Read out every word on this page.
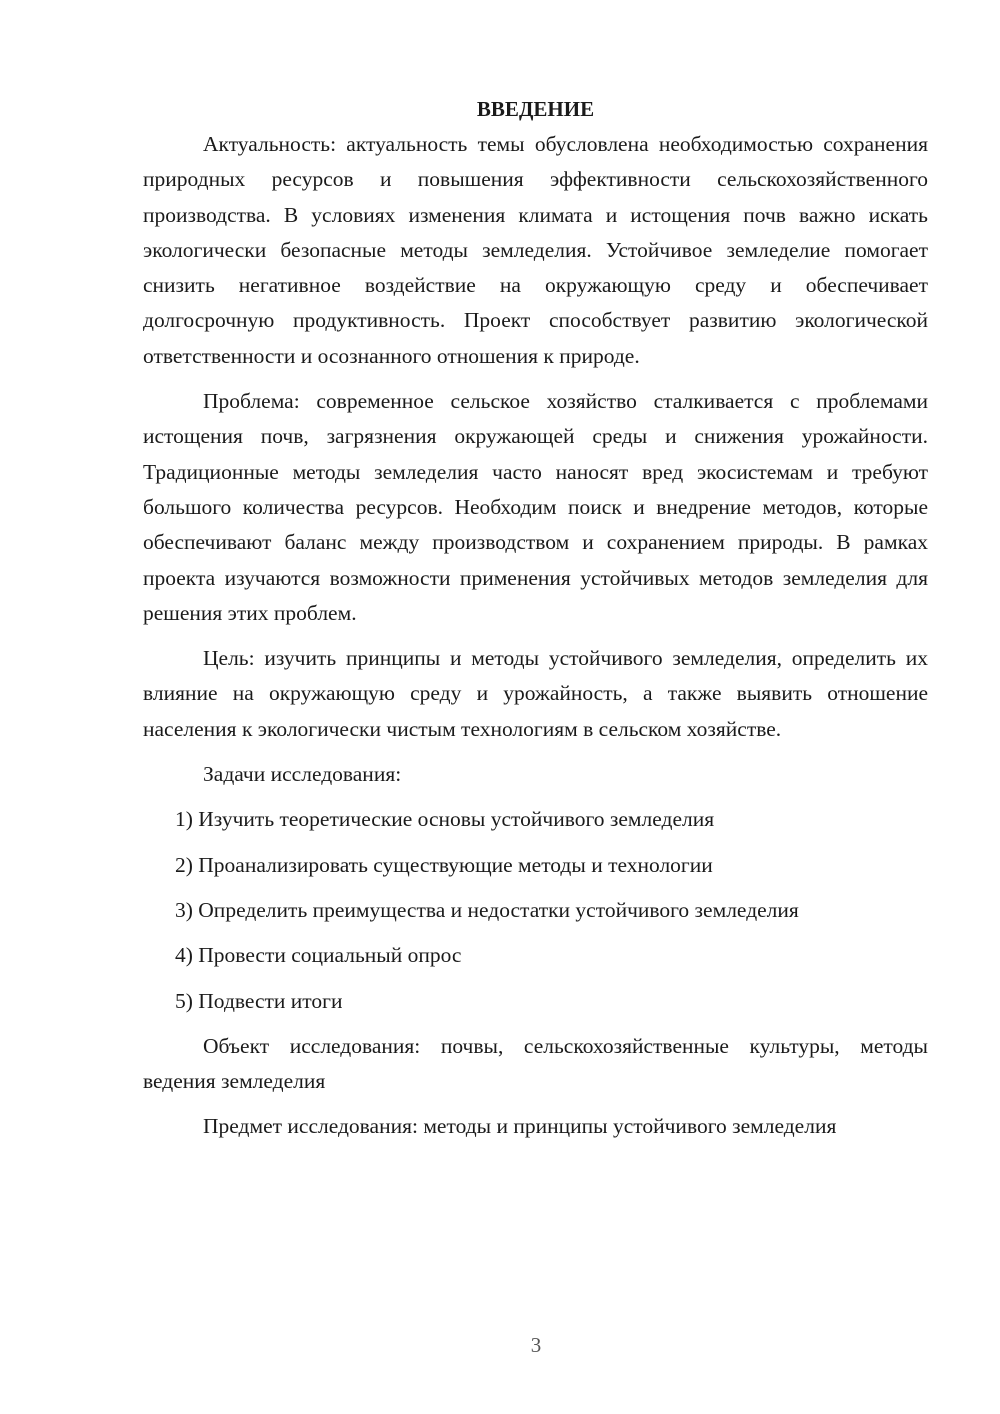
ВВЕДЕНИЕ

Актуальность: актуальность темы обусловлена необходимостью сохранения природных ресурсов и повышения эффективности сельскохозяйственного производства. В условиях изменения климата и истощения почв важно искать экологически безопасные методы земледелия. Устойчивое земледелие помогает снизить негативное воздействие на окружающую среду и обеспечивает долгосрочную продуктивность. Проект способствует развитию экологической ответственности и осознанного отношения к природе.

Проблема: современное сельское хозяйство сталкивается с проблемами истощения почв, загрязнения окружающей среды и снижения урожайности. Традиционные методы земледелия часто наносят вред экосистемам и требуют большого количества ресурсов. Необходим поиск и внедрение методов, которые обеспечивают баланс между производством и сохранением природы. В рамках проекта изучаются возможности применения устойчивых методов земледелия для решения этих проблем.

Цель: изучить принципы и методы устойчивого земледелия, определить их влияние на окружающую среду и урожайность, а также выявить отношение населения к экологически чистым технологиям в сельском хозяйстве.

Задачи исследования:

1) Изучить теоретические основы устойчивого земледелия

2) Проанализировать существующие методы и технологии

3) Определить преимущества и недостатки устойчивого земледелия

4) Провести социальный опрос

5) Подвести итоги

Объект исследования: почвы, сельскохозяйственные культуры, методы ведения земледелия

Предмет исследования: методы и принципы устойчивого земледелия

3
